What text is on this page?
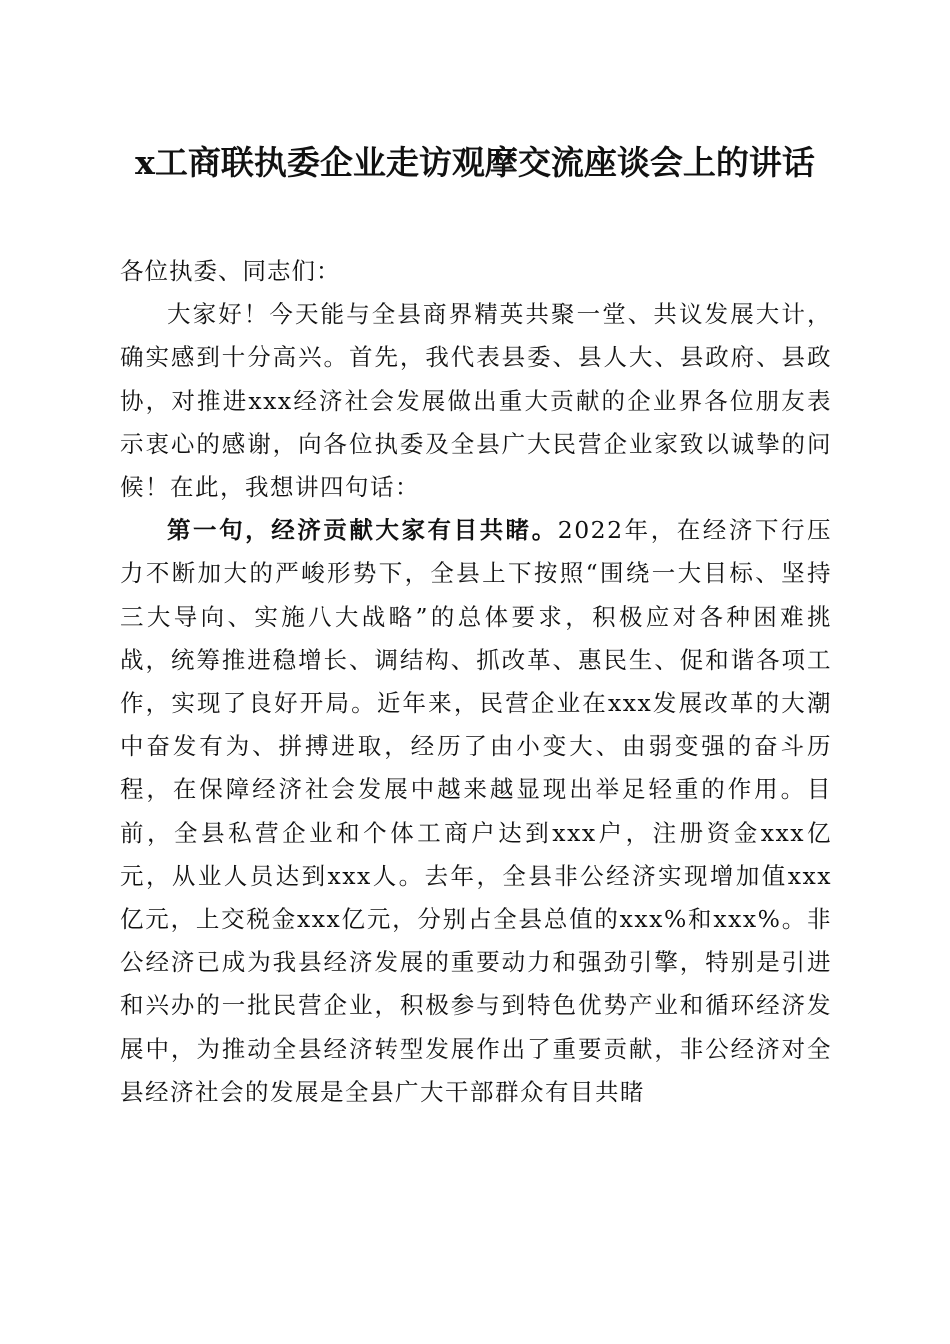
x工商联执委企业走访观摩交流座谈会上的讲话

各位执委、同志们：

大家好！今天能与全县商界精英共聚一堂、共议发展大计，确实感到十分高兴。首先，我代表县委、县人大、县政府、县政协，对推进xxx经济社会发展做出重大贡献的企业界各位朋友表示衷心的感谢，向各位执委及全县广大民营企业家致以诚挚的问候！在此，我想讲四句话：

第一句，经济贡献大家有目共睹。2022年，在经济下行压力不断加大的严峻形势下，全县上下按照“围绕一大目标、坚持三大导向、实施八大战略”的总体要求，积极应对各种困难挑战，统筹推进稳增长、调结构、抓改革、惠民生、促和谐各项工作，实现了良好开局。近年来，民营企业在xxx发展改革的大潮中奋发有为、拼搏进取，经历了由小变大、由弱变强的奋斗历程，在保障经济社会发展中越来越显现出举足轻重的作用。目前，全县私营企业和个体工商户达到xxx户，注册资金xxx亿元，从业人员达到xxx人。去年，全县非公经济实现增加值xxx亿元，上交税金xxx亿元，分别占全县总值的xxx%和xxx%。非公经济已成为我县经济发展的重要动力和强劲引擎，特别是引进和兴办的一批民营企业，积极参与到特色优势产业和循环经济发展中，为推动全县经济转型发展作出了重要贡献，非公经济对全县经济社会的发展是全县广大干部群众有目共睹
